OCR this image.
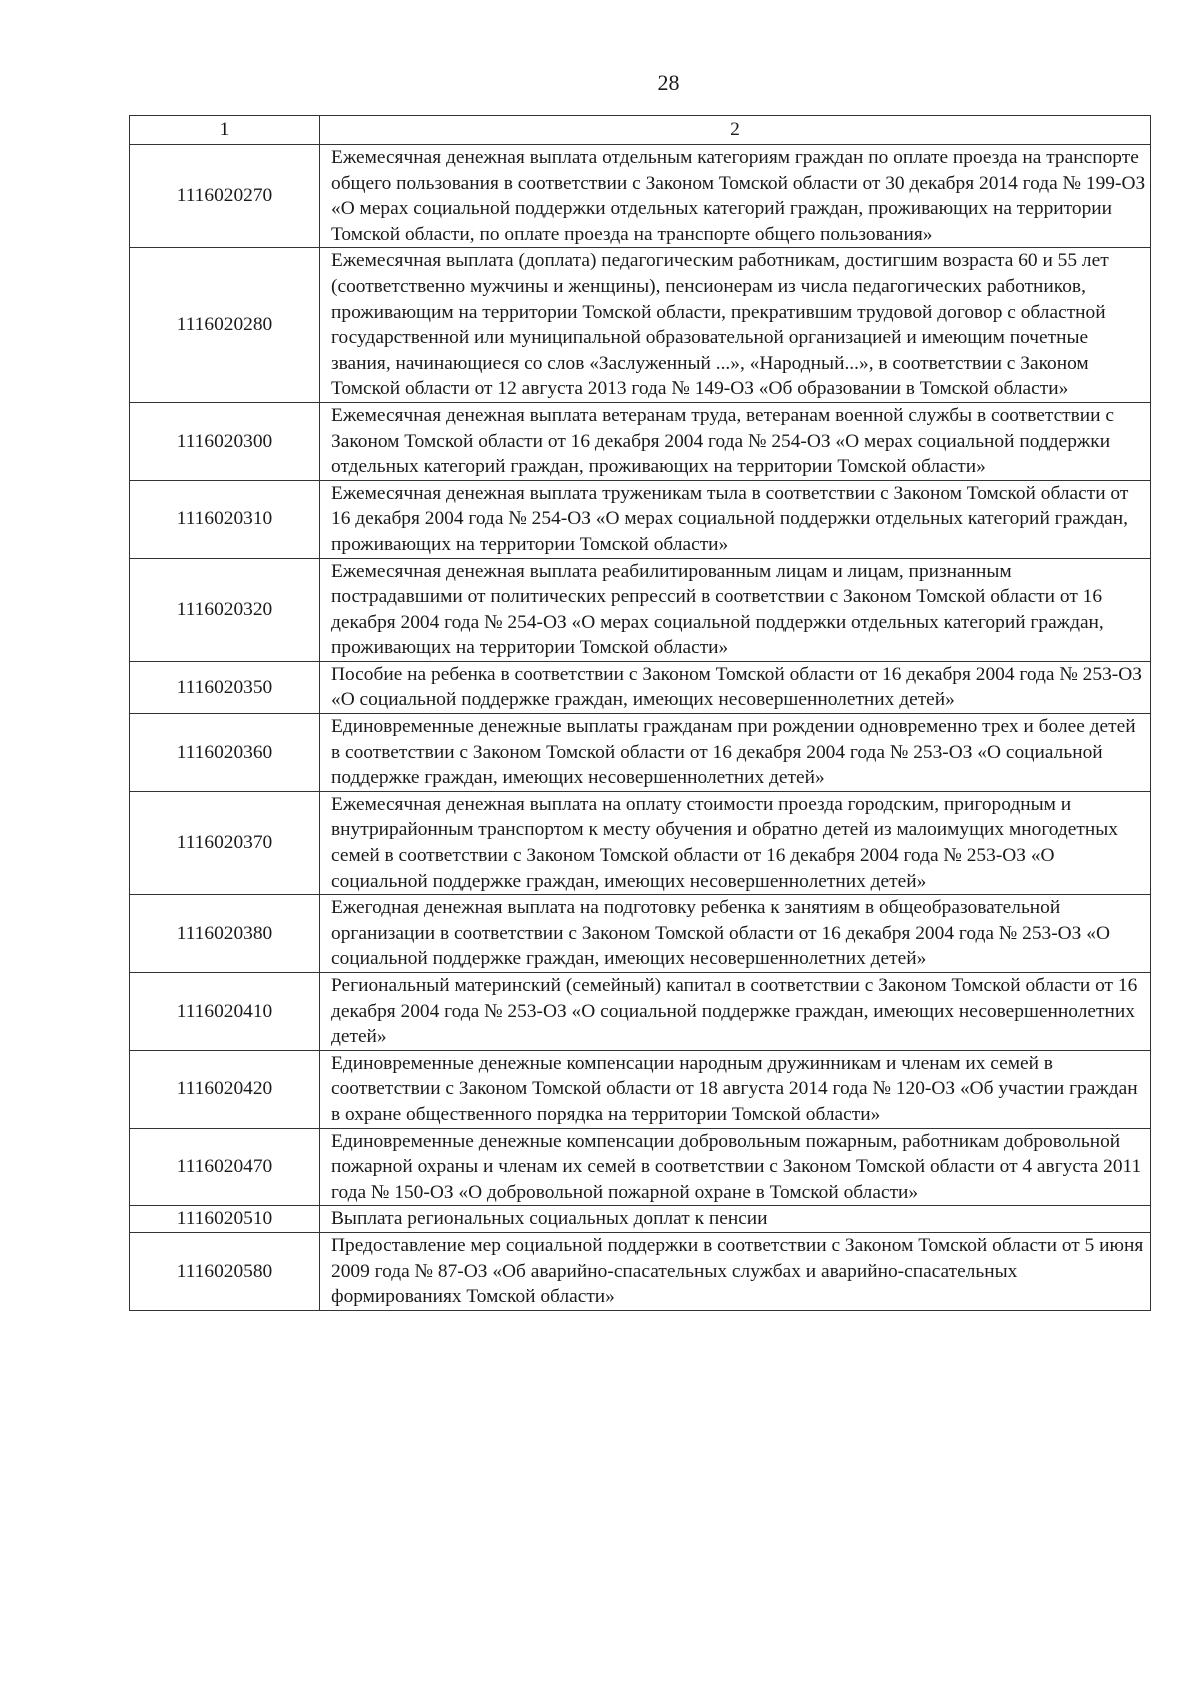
28
1	2
1116020270	Ежемесячная денежная выплата отдельным категориям граждан по оплате проезда на транспорте общего пользования в соответствии с Законом Томской области от 30 декабря 2014 года № 199-ОЗ «О мерах социальной поддержки отдельных категорий граждан, проживающих на территории Томской области, по оплате проезда на транспорте общего пользования»
1116020280	Ежемесячная выплата (доплата) педагогическим работникам, достигшим возраста 60 и 55 лет (соответственно мужчины и женщины), пенсионерам из числа педагогических работников, проживающим на территории Томской области, прекратившим трудовой договор с областной государственной или муниципальной образовательной организацией и имеющим почетные звания, начинающиеся со слов «Заслуженный ...», «Народный...», в соответствии с Законом Томской области от 12 августа 2013 года № 149-ОЗ «Об образовании в Томской области»
1116020300	Ежемесячная денежная выплата ветеранам труда, ветеранам военной службы в соответствии с Законом Томской области от 16 декабря 2004 года № 254-ОЗ «О мерах социальной поддержки отдельных категорий граждан, проживающих на территории Томской области»
1116020310	Ежемесячная денежная выплата труженикам тыла в соответствии с Законом Томской области от 16 декабря 2004 года № 254-ОЗ «О мерах социальной поддержки отдельных категорий граждан, проживающих на территории Томской области»
1116020320	Ежемесячная денежная выплата реабилитированным лицам и лицам, признанным пострадавшими от политических репрессий в соответствии с Законом Томской области от 16 декабря 2004 года № 254-ОЗ «О мерах социальной поддержки отдельных категорий граждан, проживающих на территории Томской области»
1116020350	Пособие на ребенка в соответствии с Законом Томской области от 16 декабря 2004 года № 253-ОЗ «О социальной поддержке граждан, имеющих несовершеннолетних детей»
1116020360	Единовременные денежные выплаты гражданам при рождении одновременно трех и более детей в соответствии с Законом Томской области от 16 декабря 2004 года № 253-ОЗ «О социальной поддержке граждан, имеющих несовершеннолетних детей»
1116020370	Ежемесячная денежная выплата на оплату стоимости проезда городским, пригородным и внутрирайонным транспортом к месту обучения и обратно детей из малоимущих многодетных семей в соответствии с Законом Томской области от 16 декабря 2004 года № 253-ОЗ «О социальной поддержке граждан, имеющих несовершеннолетних детей»
1116020380	Ежегодная денежная выплата на подготовку ребенка к занятиям в общеобразовательной организации в соответствии с Законом Томской области от 16 декабря 2004 года № 253-ОЗ «О социальной поддержке граждан, имеющих несовершеннолетних детей»
1116020410	Региональный материнский (семейный) капитал в соответствии с Законом Томской области от 16 декабря 2004 года № 253-ОЗ «О социальной поддержке граждан, имеющих несовершеннолетних детей»
1116020420	Единовременные денежные компенсации народным дружинникам и членам их семей в соответствии с Законом Томской области от 18 августа 2014 года № 120-ОЗ «Об участии граждан в охране общественного порядка на территории Томской области»
1116020470	Единовременные денежные компенсации добровольным пожарным, работникам добровольной пожарной охраны и членам их семей в соответствии с Законом Томской области от 4 августа 2011 года № 150-ОЗ «О добровольной пожарной охране в Томской области»
1116020510	Выплата региональных социальных доплат к пенсии
1116020580	Предоставление мер социальной поддержки в соответствии с Законом Томской области от 5 июня 2009 года № 87-ОЗ «Об аварийно-спасательных службах и аварийно-спасательных формированиях Томской области»
